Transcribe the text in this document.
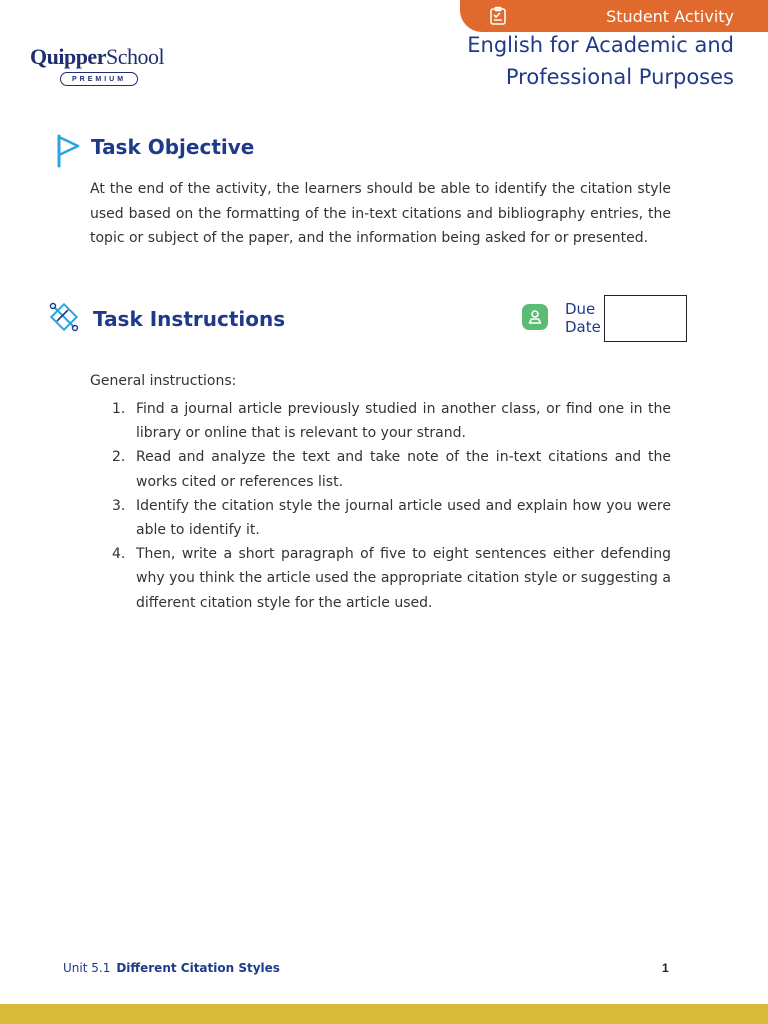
Student Activity
QuipperSchool
PREMIUM
English for Academic and
Professional Purposes
Task Objective
At the end of the activity, the learners should be able to identify the citation style used based on the formatting of the in-text citations and bibliography entries, the topic or subject of the paper, and the information being asked for or presented.
Task Instructions	Due
Date
General instructions:
1. Find a journal article previously studied in another class, or find one in the library or online that is relevant to your strand.
2. Read and analyze the text and take note of the in-text citations and the works cited or references list.
3. Identify the citation style the journal article used and explain how you were able to identify it.
4. Then, write a short paragraph of five to eight sentences either defending why you think the article used the appropriate citation style or suggesting a different citation style for the article used.
Unit 5.1 Different Citation Styles	1
